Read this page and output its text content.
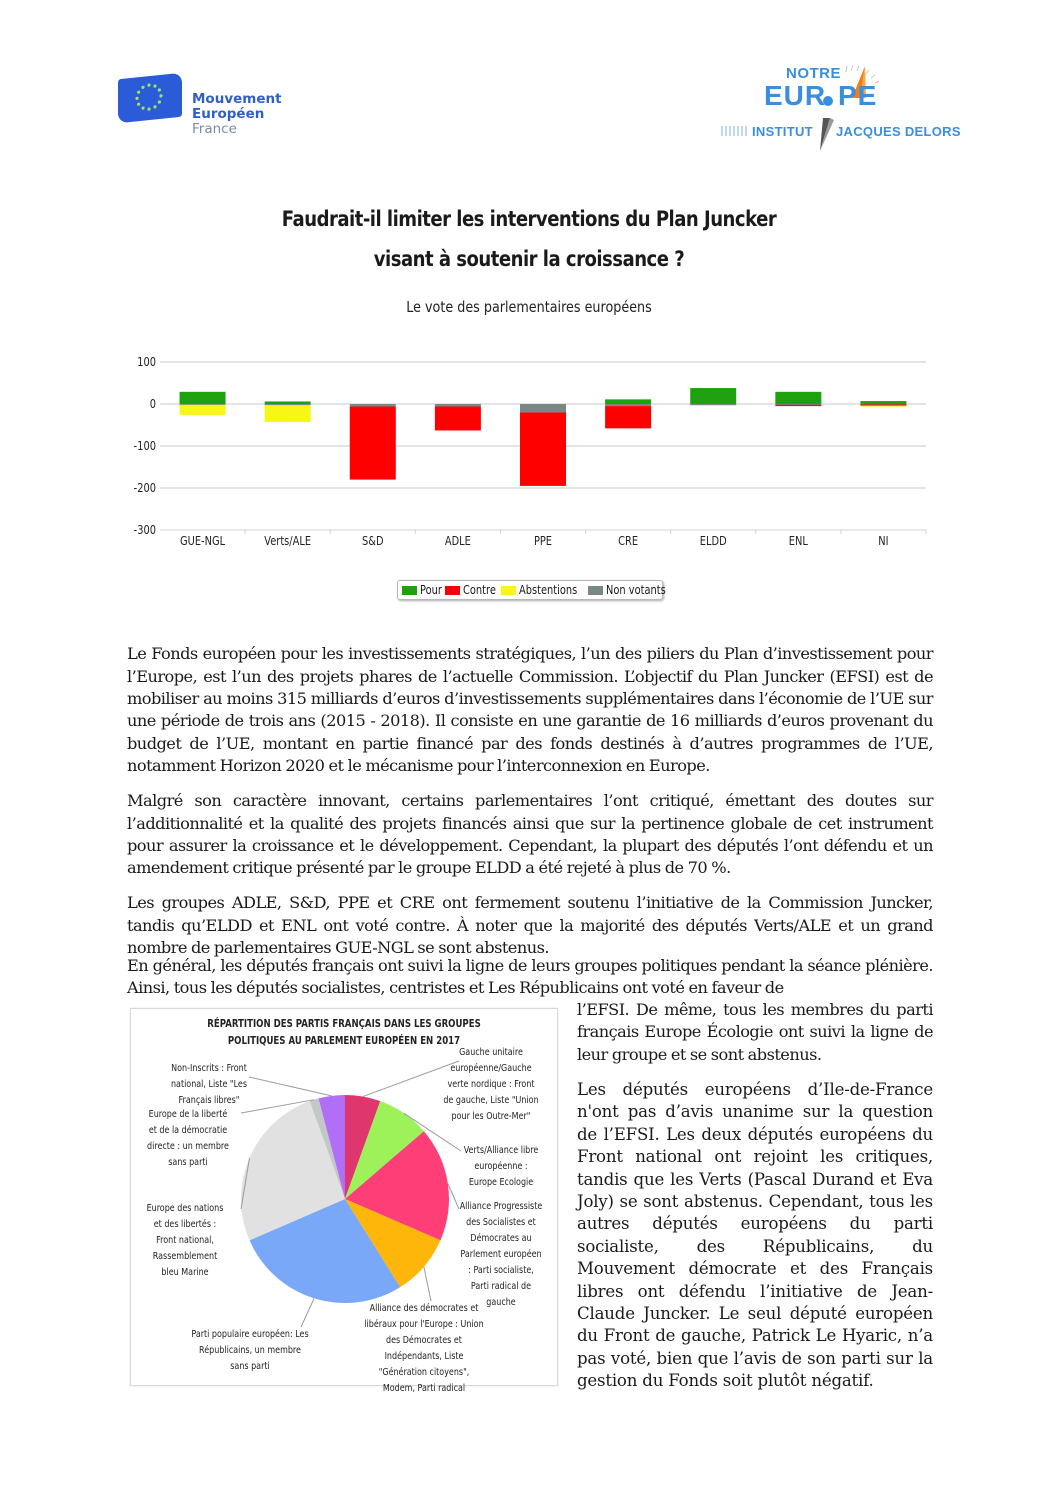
Mouvement
Européen
France
NOTRE
EUR PE
INSTITUT JACQUES DELORS
Faudrait-il limiter les interventions du Plan Juncker
visant à soutenir la croissance ?
Le vote des parlementaires européens
100
0
-100
-200
-300
GUE-NGL	Verts/ALE	S&D	ADLE	PPE	CRE	ELDD	ENL	NI
Pour Contre Abstentions Non votants

Le Fonds européen pour les investissements stratégiques, l’un des piliers du Plan d’investissement pour l’Europe, est l’un des projets phares de l’actuelle Commission. L’objectif du Plan Juncker (EFSI) est de mobiliser au moins 315 milliards d’euros d’investissements supplémentaires dans l’économie de l’UE sur une période de trois ans (2015 - 2018). Il consiste en une garantie de 16 milliards d’euros provenant du budget de l’UE, montant en partie financé par des fonds destinés à d’autres programmes de l’UE, notamment Horizon 2020 et le mécanisme pour l’interconnexion en Europe.

Malgré son caractère innovant, certains parlementaires l’ont critiqué, émettant des doutes sur l’additionnalité et la qualité des projets financés ainsi que sur la pertinence globale de cet instrument pour assurer la croissance et le développement. Cependant, la plupart des députés l’ont défendu et un amendement critique présenté par le groupe ELDD a été rejeté à plus de 70 %.

Les groupes ADLE, S&D, PPE et CRE ont fermement soutenu l’initiative de la Commission Juncker, tandis qu’ELDD et ENL ont voté contre. À noter que la majorité des députés Verts/ALE et un grand nombre de parlementaires GUE-NGL se sont abstenus.

En général, les députés français ont suivi la ligne de leurs groupes politiques pendant la séance plénière. Ainsi, tous les députés socialistes, centristes et Les Républicains ont voté en faveur de

l’EFSI. De même, tous les membres du parti français Europe Écologie ont suivi la ligne de leur groupe et se sont abstenus.

Les députés européens d’Ile-de-France n'ont pas d’avis unanime sur la question de l’EFSI. Les deux députés européens du Front national ont rejoint les critiques, tandis que les Verts (Pascal Durand et Eva Joly) se sont abstenus. Cependant, tous les autres députés européens du parti socialiste, des Républicains, du Mouvement démocrate et des Français libres ont défendu l’initiative de Jean-Claude Juncker. Le seul député européen du Front de gauche, Patrick Le Hyaric, n’a pas voté, bien que l’avis de son parti sur la gestion du Fonds soit plutôt négatif.

RÉPARTITION DES PARTIS FRANÇAIS DANS LES GROUPES POLITIQUES AU PARLEMENT EUROPÉEN EN 2017
Gauche unitaire européenne/Gauche verte nordique : Front de gauche, Liste "Union pour les Outre-Mer"
Verts/Alliance libre européenne : Europe Ecologie
Alliance Progressiste des Socialistes et Démocrates au Parlement européen : Parti socialiste, Parti radical de gauche
Alliance des démocrates et libéraux pour l'Europe : Union des Démocrates et Indépendants, Liste "Génération citoyens", Modem, Parti radical
Parti populaire européen: Les Républicains, un membre sans parti
Europe des nations et des libertés : Front national, Rassemblement bleu Marine
Europe de la liberté et de la démocratie directe : un membre sans parti
Non-Inscrits : Front national, Liste "Les Français libres"
